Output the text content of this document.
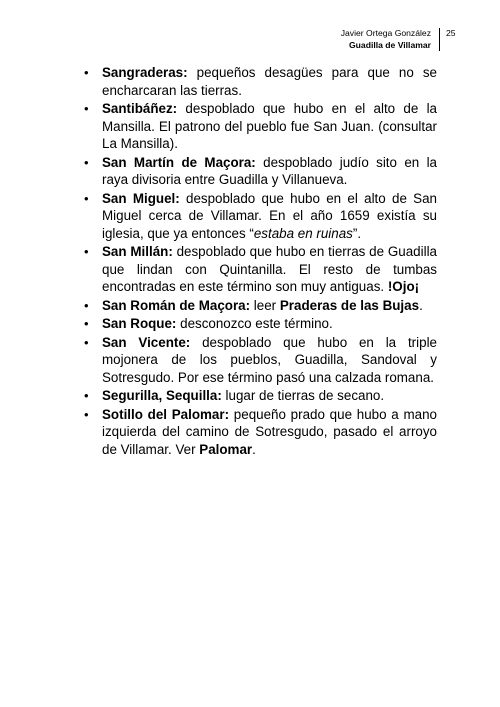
Javier Ortega González
Guadilla de Villamar
25
• Sangraderas: pequeños desagües para que no se encharcaran las tierras.
• Santibáñez: despoblado que hubo en el alto de la Mansilla. El patrono del pueblo fue San Juan. (consultar La Mansilla).
• San Martín de Maçora: despoblado judío sito en la raya divisoria entre Guadilla y Villanueva.
• San Miguel: despoblado que hubo en el alto de San Miguel cerca de Villamar. En el año 1659 existía su iglesia, que ya entonces “estaba en ruinas”.
• San Millán: despoblado que hubo en tierras de Guadilla que lindan con Quintanilla. El resto de tumbas encontradas en este término son muy antiguas. !Ojo¡
• San Román de Maçora: leer Praderas de las Bujas.
• San Roque: desconozco este término.
• San Vicente: despoblado que hubo en la triple mojonera de los pueblos, Guadilla, Sandoval y Sotresgudo. Por ese término pasó una calzada romana.
• Segurilla, Sequilla: lugar de tierras de secano.
• Sotillo del Palomar: pequeño prado que hubo a mano izquierda del camino de Sotresgudo, pasado el arroyo de Villamar. Ver Palomar.
